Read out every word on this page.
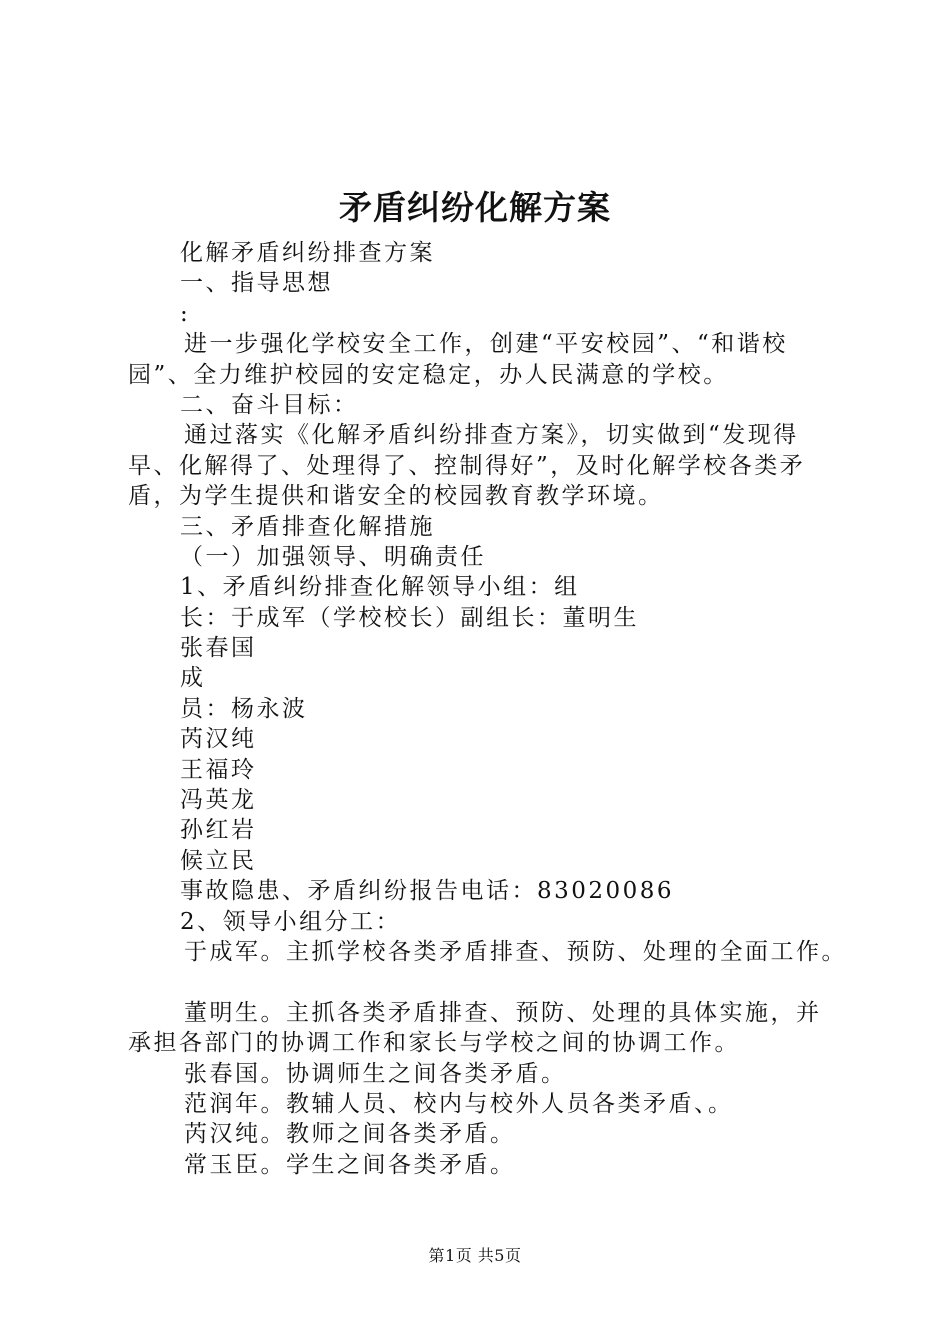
矛盾纠纷化解方案
化解矛盾纠纷排查方案
一、指导思想
:
进一步强化学校安全工作，创建“平安校园”、“和谐校
园”、全力维护校园的安定稳定，办人民满意的学校。
二、奋斗目标：
通过落实《化解矛盾纠纷排查方案》，切实做到“发现得
早、化解得了、处理得了、控制得好”，及时化解学校各类矛
盾，为学生提供和谐安全的校园教育教学环境。
三、矛盾排查化解措施
（一）加强领导、明确责任
1、矛盾纠纷排查化解领导小组：组
长：于成军（学校校长）副组长：董明生
张春国
成
员：杨永波
芮汉纯
王福玲
冯英龙
孙红岩
候立民
事故隐患、矛盾纠纷报告电话：83020086
2、领导小组分工：
于成军。主抓学校各类矛盾排查、预防、处理的全面工作。
董明生。主抓各类矛盾排查、预防、处理的具体实施，并
承担各部门的协调工作和家长与学校之间的协调工作。
张春国。协调师生之间各类矛盾。
范润年。教辅人员、校内与校外人员各类矛盾、。
芮汉纯。教师之间各类矛盾。
常玉臣。学生之间各类矛盾。
第1页 共5页
